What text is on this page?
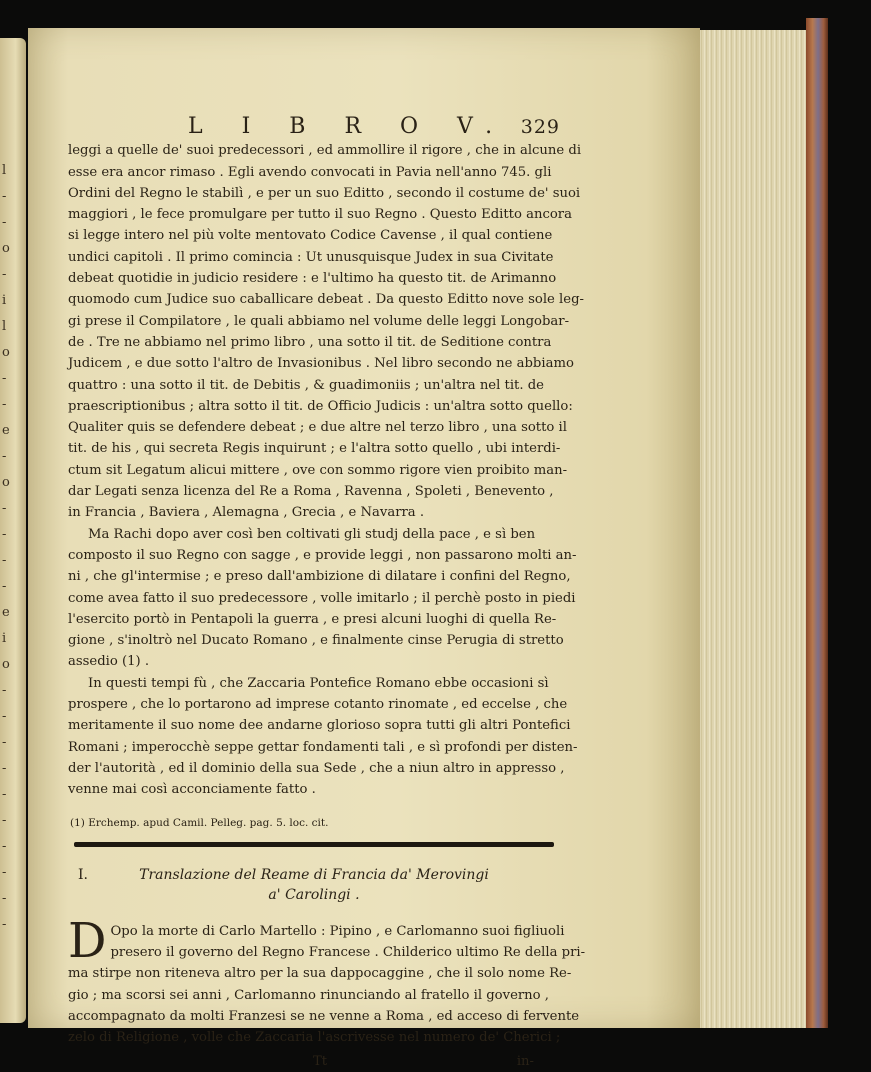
l
-
-
o
-
i
l
o
-
-
e
-
o
-
-
-
-
e
i
o
-
-
-
-
-
-
-
-
-
-
L I B R O V. 329

leggi a quelle de' suoi predecessori , ed ammollire il rigore , che in alcune di

esse era ancor rimaso . Egli avendo convocati in Pavia nell'anno 745. gli

Ordini del Regno le stabilì , e per un suo Editto , secondo il costume de' suoi

maggiori , le fece promulgare per tutto il suo Regno . Questo Editto ancora

si legge intero nel più volte mentovato Codice Cavense , il qual contiene

undici capitoli . Il primo comincia : Ut unusquisque Judex in sua Civitate

debeat quotidie in judicio residere : e l'ultimo ha questo tit. de Arimanno

quomodo cum Judice suo caballicare debeat . Da questo Editto nove sole leg-

gi prese il Compilatore , le quali abbiamo nel volume delle leggi Longobar-

de . Tre ne abbiamo nel primo libro , una sotto il tit. de Seditione contra

Judicem , e due sotto l'altro de Invasionibus . Nel libro secondo ne abbiamo

quattro : una sotto il tit. de Debitis , & guadimoniis ; un'altra nel tit. de

praescriptionibus ; altra sotto il tit. de Officio Judicis : un'altra sotto quello:

Qualiter quis se defendere debeat ; e due altre nel terzo libro , una sotto il

tit. de his , qui secreta Regis inquirunt ; e l'altra sotto quello , ubi interdi-

ctum sit Legatum alicui mittere , ove con sommo rigore vien proibito man-

dar Legati senza licenza del Re a Roma , Ravenna , Spoleti , Benevento ,

in Francia , Baviera , Alemagna , Grecia , e Navarra .

Ma Rachi dopo aver così ben coltivati gli studj della pace , e sì ben

composto il suo Regno con sagge , e provide leggi , non passarono molti an-

ni , che gl'intermise ; e preso dall'ambizione di dilatare i confini del Regno,

come avea fatto il suo predecessore , volle imitarlo ; il perchè posto in piedi

l'esercito portò in Pentapoli la guerra , e presi alcuni luoghi di quella Re-

gione , s'inoltrò nel Ducato Romano , e finalmente cinse Perugia di stretto

assedio (1) .

In questi tempi fù , che Zaccaria Pontefice Romano ebbe occasioni sì

prospere , che lo portarono ad imprese cotanto rinomate , ed eccelse , che

meritamente il suo nome dee andarne glorioso sopra tutti gli altri Pontefici

Romani ; imperocchè seppe gettar fondamenti tali , e sì profondi per disten-

der l'autorità , ed il dominio della sua Sede , che a niun altro in appresso ,

venne mai così acconciamente fatto .

(1) Erchemp. apud Camil. Pelleg. pag. 5. loc. cit.
I.	Translazione del Reame di Francia da' Merovingi
a' Carolingi .
D Opo la morte di Carlo Martello : Pipino , e Carlomanno suoi figliuoli

presero il governo del Regno Francese . Childerico ultimo Re della pri-

ma stirpe non riteneva altro per la sua dappocaggine , che il solo nome Re-

gio ; ma scorsi sei anni , Carlomanno rinunciando al fratello il governo ,

accompagnato da molti Franzesi se ne venne a Roma , ed acceso di fervente

zelo di Religione , volle che Zaccaria l'ascrivesse nel numero de' Cherici ;

Tt	in-
